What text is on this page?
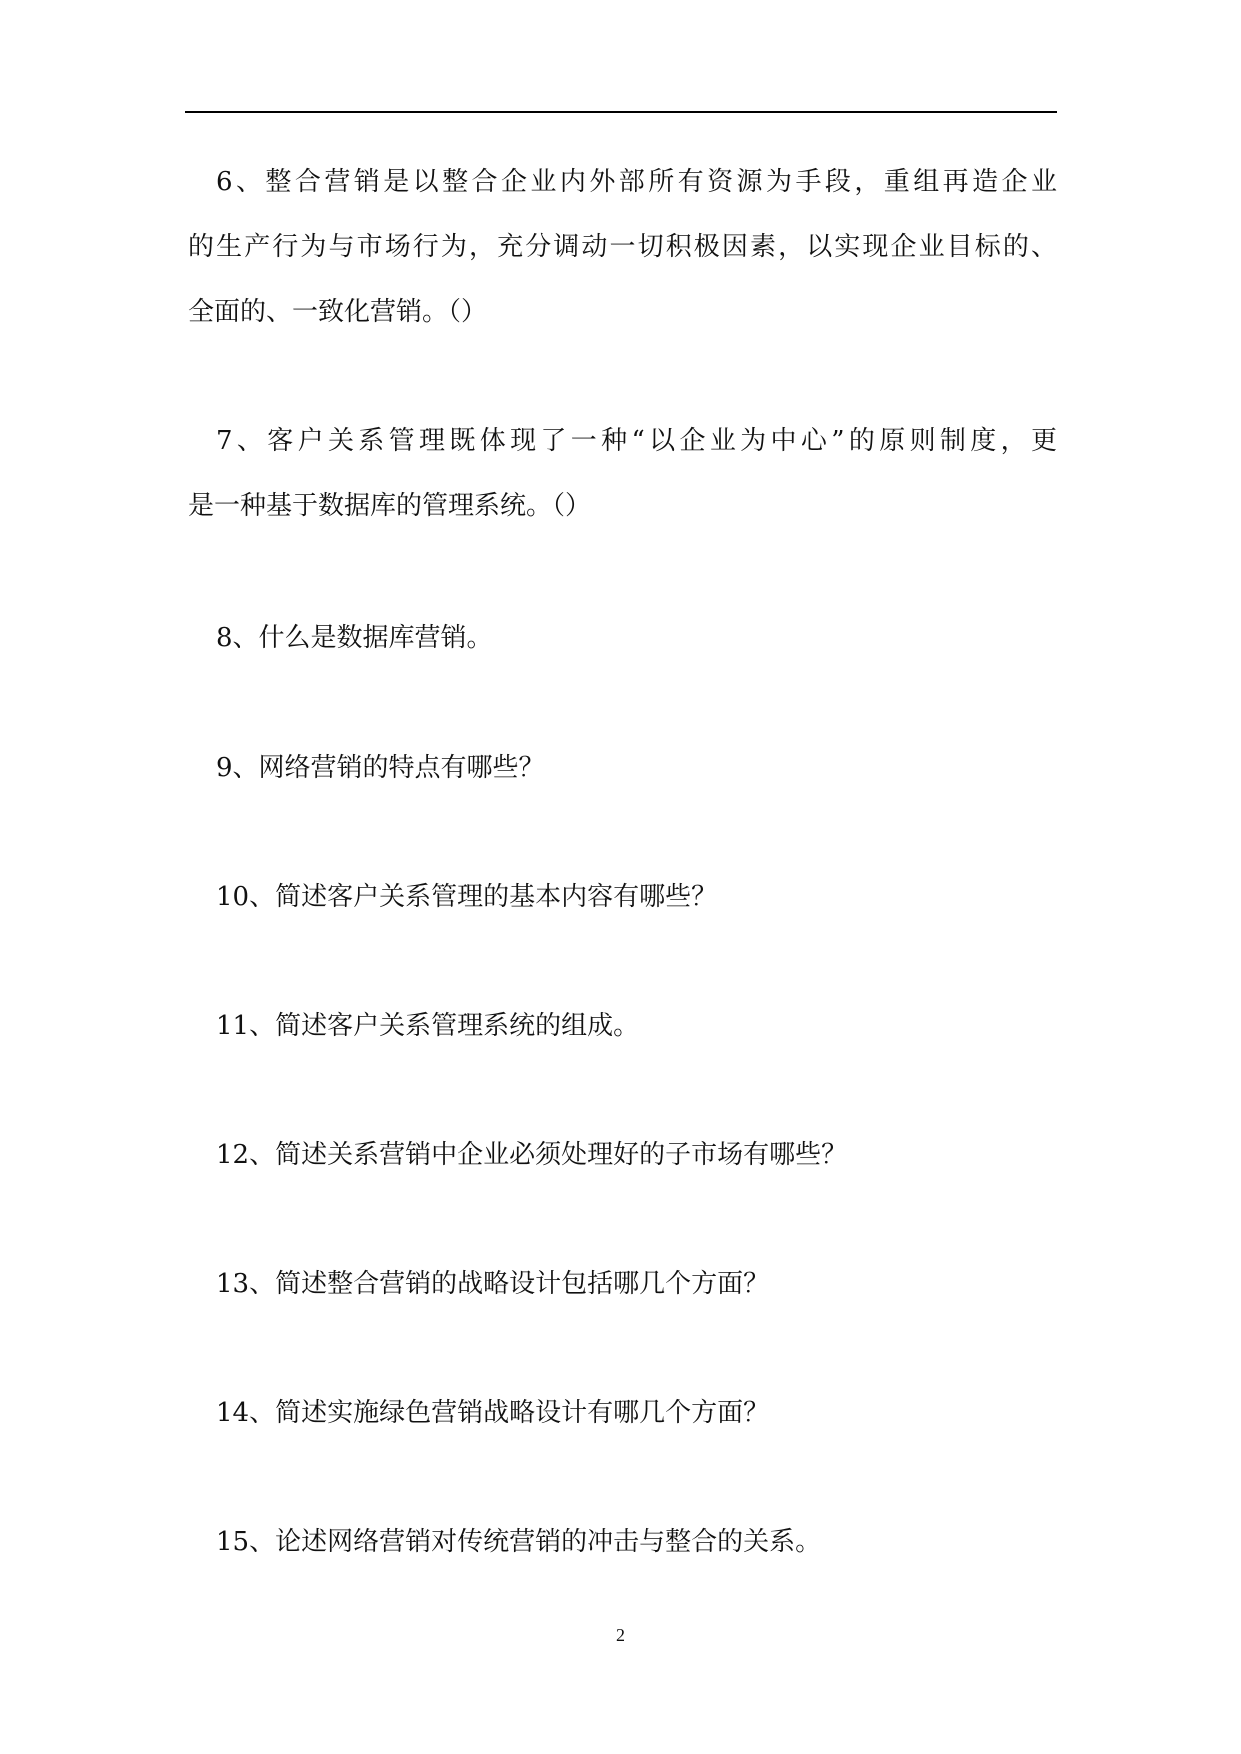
6、整合营销是以整合企业内外部所有资源为手段，重组再造企业
的生产行为与市场行为，充分调动一切积极因素，以实现企业目标的、
全面的、一致化营销。（）
7、客户关系管理既体现了一种“以企业为中心”的原则制度，更
是一种基于数据库的管理系统。（）
8、什么是数据库营销。
9、网络营销的特点有哪些？
10、简述客户关系管理的基本内容有哪些？
11、简述客户关系管理系统的组成。
12、简述关系营销中企业必须处理好的子市场有哪些？
13、简述整合营销的战略设计包括哪几个方面？
14、简述实施绿色营销战略设计有哪几个方面？
15、论述网络营销对传统营销的冲击与整合的关系。
2
